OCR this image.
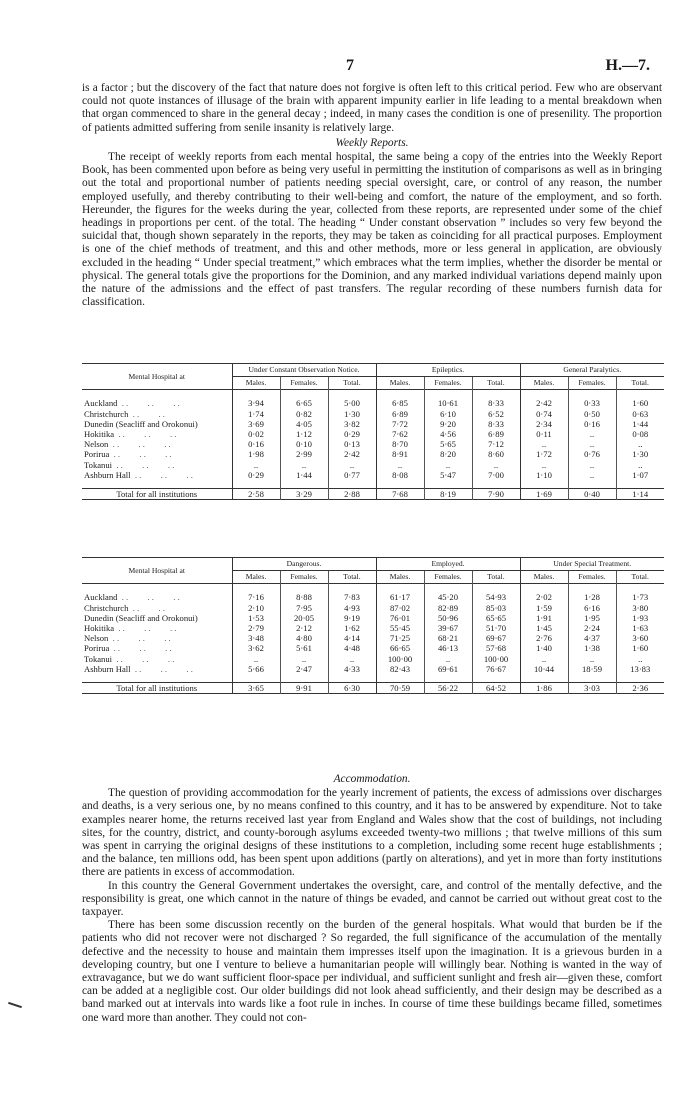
7	H.—7.

is a factor ; but the discovery of the fact that nature does not forgive is often left to this critical period. Few who are observant could not quote instances of illusage of the brain with apparent impunity earlier in life leading to a mental breakdown when that organ commenced to share in the general decay ; indeed, in many cases the condition is one of presenility. The proportion of patients admitted suffering from senile insanity is relatively large.

Weekly Reports.

The receipt of weekly reports from each mental hospital, the same being a copy of the entries into the Weekly Report Book, has been commented upon before as being very useful in permitting the institution of comparisons as well as in bringing out the total and proportional number of patients needing special oversight, care, or control of any reason, the number employed usefully, and thereby contributing to their well-being and comfort, the nature of the employment, and so forth. Hereunder, the figures for the weeks during the year, collected from these reports, are represented under some of the chief headings in proportions per cent. of the total. The heading “ Under constant observation ” includes so very few beyond the suicidal that, though shown separately in the reports, they may be taken as coinciding for all practical purposes. Employment is one of the chief methods of treatment, and this and other methods, more or less general in application, are obviously excluded in the heading “ Under special treatment,” which embraces what the term implies, whether the disorder be mental or physical. The general totals give the proportions for the Dominion, and any marked individual variations depend mainly upon the nature of the admissions and the effect of past transfers. The regular recording of these numbers furnish data for classification.

Mental Hospital at	Under Constant Observation Notice.			Epileptics.			General Paralytics.		
	Males.	Females.	Total.	Males.	Females.	Total.	Males.	Females.	Total.

Auckland  . .         . .         . .	3·94	6·65	5·00	6·85	10·61	8·33	2·42	0·33	1·60
Christchurch  . .         . .	1·74	0·82	1·30	6·89	6·10	6·52	0·74	0·50	0·63
Dunedin (Seacliff and Orokonui)	3·69	4·05	3·82	7·72	9·20	8·33	2·34	0·16	1·44
Hokitika  . .         . .         . .	0·02	1·12	0·29	7·62	4·56	6·89	0·11	..	0·08
Nelson  . .         . .         . .	0·16	0·10	0·13	8·70	5·65	7·12	..	..	..
Porirua  . .         . .         . .	1·98	2·99	2·42	8·91	8·20	8·60	1·72	0·76	1·30
Tokanui  . .         . .         . .	..	..	..	..	..	..	..	..	..
Ashburn Hall  . .         . .         . .	0·29	1·44	0·77	8·08	5·47	7·00	1·10	..	1·07

Total for all institutions	2·58	3·29	2·88	7·68	8·19	7·90	1·69	0·40	1·14
Mental Hospital at	Dangerous.			Employed.			Under Special Treatment.		
	Males.	Females.	Total.	Males.	Females.	Total.	Males.	Females.	Total.

Auckland  . .         . .         . .	7·16	8·88	7·83	61·17	45·20	54·93	2·02	1·28	1·73
Christchurch  . .         . .	2·10	7·95	4·93	87·02	82·89	85·03	1·59	6·16	3·80
Dunedin (Seacliff and Orokonui)	1·53	20·05	9·19	76·01	50·96	65·65	1·91	1·95	1·93
Hokitika  . .         . .         . .	2·79	2·12	1·62	55·45	39·67	51·70	1·45	2·24	1·63
Nelson  . .         . .         . .	3·48	4·80	4·14	71·25	68·21	69·67	2·76	4·37	3·60
Porirua  . .         . .         . .	3·62	5·61	4·48	66·65	46·13	57·68	1·40	1·38	1·60
Tokanui  . .         . .         . .	..	..	..	100·00	..	100·00	..	..	..
Ashburn Hall  . .         . .         . .	5·66	2·47	4·33	82·43	69·61	76·67	10·44	18·59	13·83

Total for all institutions	3·65	9·91	6·30	70·59	56·22	64·52	1·86	3·03	2·36
Accommodation.

The question of providing accommodation for the yearly increment of patients, the excess of admissions over discharges and deaths, is a very serious one, by no means confined to this country, and it has to be answered by expenditure. Not to take examples nearer home, the returns received last year from England and Wales show that the cost of buildings, not including sites, for the country, district, and county-borough asylums exceeded twenty-two millions ; that twelve millions of this sum was spent in carrying the original designs of these institutions to a completion, including some recent huge establishments ; and the balance, ten millions odd, has been spent upon additions (partly on alterations), and yet in more than forty institutions there are patients in excess of accommodation.

In this country the General Government undertakes the oversight, care, and control of the mentally defective, and the responsibility is great, one which cannot in the nature of things be evaded, and cannot be carried out without great cost to the taxpayer.

There has been some discussion recently on the burden of the general hospitals. What would that burden be if the patients who did not recover were not discharged ? So regarded, the full significance of the accumulation of the mentally defective and the necessity to house and maintain them impresses itself upon the imagination. It is a grievous burden in a developing country, but one I venture to believe a humanitarian people will willingly bear. Nothing is wanted in the way of extravagance, but we do want sufficient floor-space per individual, and sufficient sunlight and fresh air—given these, comfort can be added at a negligible cost. Our older buildings did not look ahead sufficiently, and their design may be described as a band marked out at intervals into wards like a foot rule in inches. In course of time these buildings became filled, sometimes one ward more than another. They could not con-
